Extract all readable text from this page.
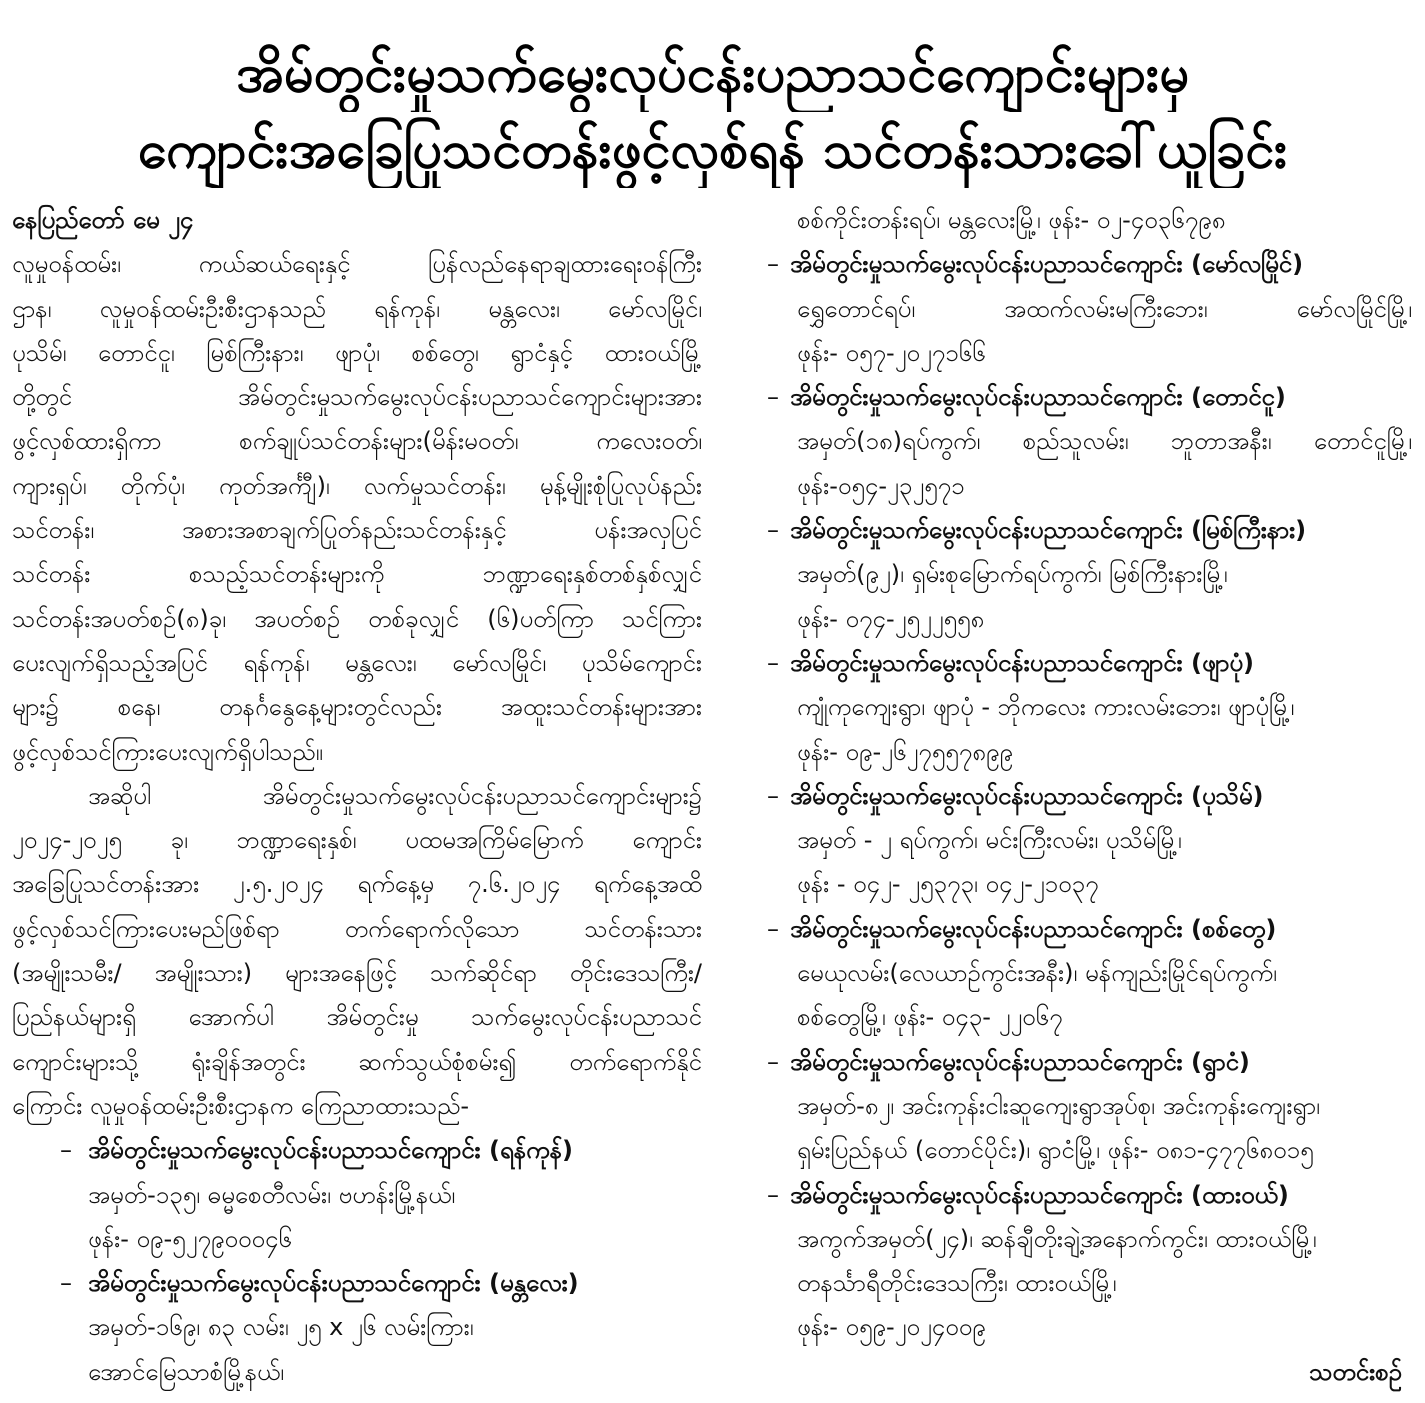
အိမ်တွင်းမှုသက်မွေးလုပ်ငန်းပညာသင်ကျောင်းများမှ
ကျောင်းအခြေပြုသင်တန်းဖွင့်လှစ်ရန် သင်တန်းသားခေါ်ယူခြင်း
နေပြည်တော် မေ ၂၄
လူမှုဝန်ထမ်း၊ ကယ်ဆယ်ရေးနှင့် ပြန်လည်နေရာချထားရေးဝန်ကြီး
ဌာန၊ လူမှုဝန်ထမ်းဦးစီးဌာနသည် ရန်ကုန်၊ မန္တလေး၊ မော်လမြိုင်၊
ပုသိမ်၊ တောင်ငူ၊ မြစ်ကြီးနား၊ ဖျာပုံ၊ စစ်တွေ၊ ရွာငံနှင့် ထားဝယ်မြို့
တို့တွင် အိမ်တွင်းမှုသက်မွေးလုပ်ငန်းပညာသင်ကျောင်းများအား
ဖွင့်လှစ်ထားရှိကာ စက်ချုပ်သင်တန်းများ(မိန်းမဝတ်၊ ကလေးဝတ်၊
ကျားရှပ်၊ တိုက်ပုံ၊ ကုတ်အင်္ကျီ)၊ လက်မှုသင်တန်း၊ မုန့်မျိုးစုံပြုလုပ်နည်း
သင်တန်း၊ အစားအစာချက်ပြုတ်နည်းသင်တန်းနှင့် ပန်းအလှပြင်
သင်တန်း စသည့်သင်တန်းများကို ဘဏ္ဍာရေးနှစ်တစ်နှစ်လျှင်
သင်တန်းအပတ်စဉ်(၈)ခု၊ အပတ်စဉ် တစ်ခုလျှင် (၆)ပတ်ကြာ သင်ကြား
ပေးလျက်ရှိသည့်အပြင် ရန်ကုန်၊ မန္တလေး၊ မော်လမြိုင်၊ ပုသိမ်ကျောင်း
များ၌ စနေ၊ တနင်္ဂနွေနေ့များတွင်လည်း အထူးသင်တန်းများအား
ဖွင့်လှစ်သင်ကြားပေးလျက်ရှိပါသည်။
အဆိုပါ အိမ်တွင်းမှုသက်မွေးလုပ်ငန်းပညာသင်ကျောင်းများ၌
၂၀၂၄-၂၀၂၅ ခု၊ ဘဏ္ဍာရေးနှစ်၊ ပထမအကြိမ်မြောက် ကျောင်း
အခြေပြုသင်တန်းအား ၂.၅.၂၀၂၄ ရက်နေ့မှ ၇.၆.၂၀၂၄ ရက်နေ့အထိ
ဖွင့်လှစ်သင်ကြားပေးမည်ဖြစ်ရာ တက်ရောက်လိုသော သင်တန်းသား
(အမျိုးသမီး/ အမျိုးသား) များအနေဖြင့် သက်ဆိုင်ရာ တိုင်းဒေသကြီး/
ပြည်နယ်များရှိ အောက်ပါ အိမ်တွင်းမှု သက်မွေးလုပ်ငန်းပညာသင်
ကျောင်းများသို့ ရုံးချိန်အတွင်း ဆက်သွယ်စုံစမ်း၍ တက်ရောက်နိုင်
ကြောင်း လူမှုဝန်ထမ်းဦးစီးဌာနက ကြေညာထားသည်-
– အိမ်တွင်းမှုသက်မွေးလုပ်ငန်းပညာသင်ကျောင်း (ရန်ကုန်)
အမှတ်-၁၃၅၊ ဓမ္မစေတီလမ်း၊ ဗဟန်းမြို့နယ်၊
ဖုန်း- ၀၉-၅၂၇၉၀၀၀၄၆
– အိမ်တွင်းမှုသက်မွေးလုပ်ငန်းပညာသင်ကျောင်း (မန္တလေး)
အမှတ်-၁၆၉၊ ၈၃ လမ်း၊ ၂၅ x ၂၆ လမ်းကြား၊
အောင်မြေသာစံမြို့နယ်၊
စစ်ကိုင်းတန်းရပ်၊ မန္တလေးမြို့၊ ဖုန်း- ၀၂-၄၀၃၆၇၉၈
– အိမ်တွင်းမှုသက်မွေးလုပ်ငန်းပညာသင်ကျောင်း (မော်လမြိုင်)
ရွှေတောင်ရပ်၊ အထက်လမ်းမကြီးဘေး၊ မော်လမြိုင်မြို့၊
ဖုန်း- ၀၅၇-၂၀၂၇၁၆၆
– အိမ်တွင်းမှုသက်မွေးလုပ်ငန်းပညာသင်ကျောင်း (တောင်ငူ)
အမှတ်(၁၈)ရပ်ကွက်၊ စည်သူလမ်း၊ ဘူတာအနီး၊ တောင်ငူမြို့၊
ဖုန်း-၀၅၄-၂၃၂၅၇၁
– အိမ်တွင်းမှုသက်မွေးလုပ်ငန်းပညာသင်ကျောင်း (မြစ်ကြီးနား)
အမှတ်(၉၂)၊ ရှမ်းစုမြောက်ရပ်ကွက်၊ မြစ်ကြီးနားမြို့၊
ဖုန်း- ၀၇၄-၂၅၂၂၅၅၈
– အိမ်တွင်းမှုသက်မွေးလုပ်ငန်းပညာသင်ကျောင်း (ဖျာပုံ)
ကျုံကုကျေးရွာ၊ ဖျာပုံ - ဘိုကလေး ကားလမ်းဘေး၊ ဖျာပုံမြို့၊
ဖုန်း- ၀၉-၂၆၂၇၅၅၇၈၉၉
– အိမ်တွင်းမှုသက်မွေးလုပ်ငန်းပညာသင်ကျောင်း (ပုသိမ်)
အမှတ် - ၂ ရပ်ကွက်၊ မင်းကြီးလမ်း၊ ပုသိမ်မြို့၊
ဖုန်း - ၀၄၂- ၂၅၃၇၃၊ ၀၄၂-၂၁၀၃၇
– အိမ်တွင်းမှုသက်မွေးလုပ်ငန်းပညာသင်ကျောင်း (စစ်တွေ)
မေယုလမ်း(လေယာဉ်ကွင်းအနီး)၊ မန်ကျည်းမြိုင်ရပ်ကွက်၊
စစ်တွေမြို့၊ ဖုန်း- ၀၄၃- ၂၂၀၆၇
– အိမ်တွင်းမှုသက်မွေးလုပ်ငန်းပညာသင်ကျောင်း (ရွာငံ)
အမှတ်-၈၂၊ အင်းကုန်းငါးဆူကျေးရွာအုပ်စု၊ အင်းကုန်းကျေးရွာ၊
ရှမ်းပြည်နယ် (တောင်ပိုင်း)၊ ရွာငံမြို့၊ ဖုန်း- ၀၈၁-၄၇၇၆၈၀၁၅
– အိမ်တွင်းမှုသက်မွေးလုပ်ငန်းပညာသင်ကျောင်း (ထားဝယ်)
အကွက်အမှတ်(၂၄)၊ ဆန်ချီတိုးချဲ့အနောက်ကွင်း၊ ထားဝယ်မြို့၊
တနင်္သာရီတိုင်းဒေသကြီး၊ ထားဝယ်မြို့၊
ဖုန်း- ၀၅၉-၂၀၂၄၀၀၉
သတင်းစဉ်
